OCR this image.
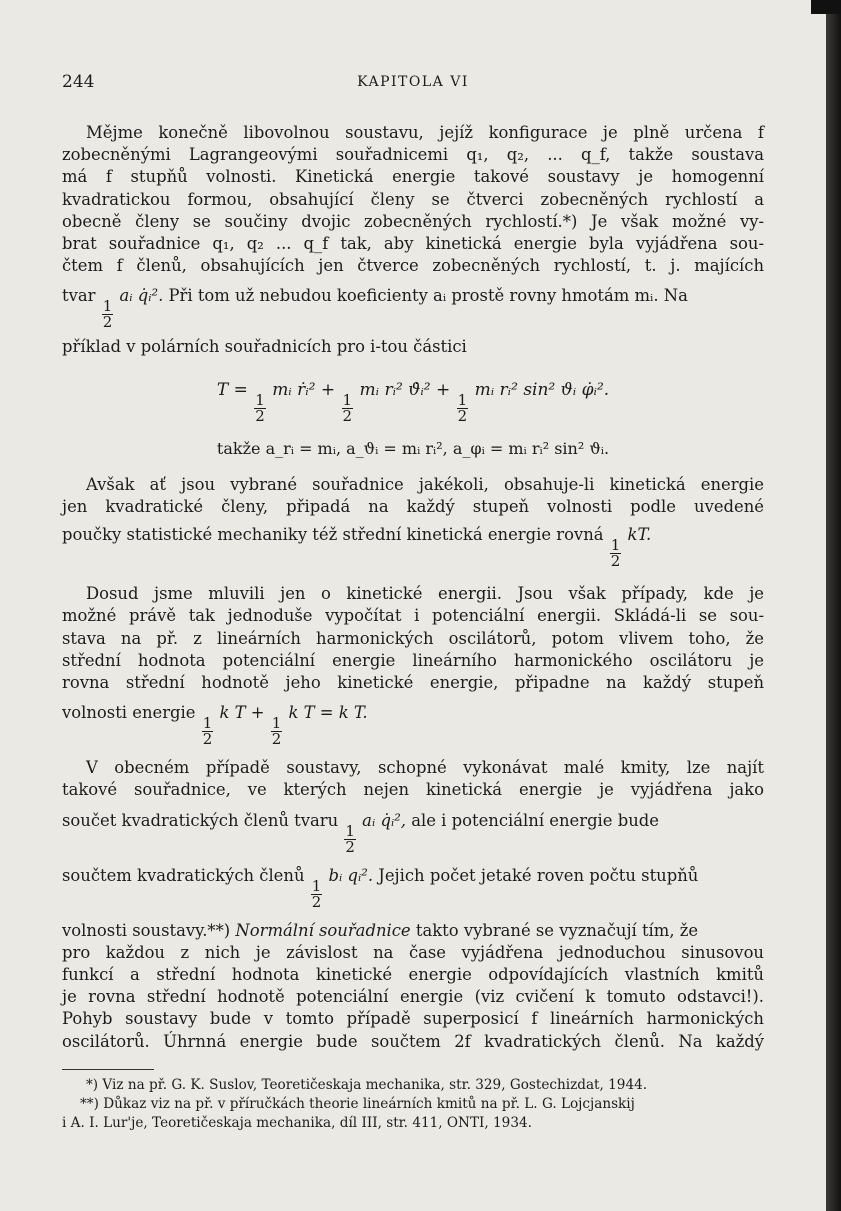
244	KAPITOLA VI
Mějme konečně libovolnou soustavu, jejíž konfigurace je plně určena f
zobecněnými Lagrangeovými souřadnicemi q₁, q₂, ... q_f, takže soustava
má f stupňů volnosti. Kinetická energie takové soustavy je homogenní
kvadratickou formou, obsahující členy se čtverci zobecněných rychlostí a
obecně členy se součiny dvojic zobecněných rychlostí.*) Je však možné vy-
brat souřadnice q₁, q₂ ... q_f tak, aby kinetická energie byla vyjádřena sou-
čtem f členů, obsahujících jen čtverce zobecněných rychlostí, t. j. majících
tvar
$\frac{1}{2}$
aᵢ q̇ᵢ². Při tom už nebudou koeficienty aᵢ prostě rovny hmotám mᵢ. Na
příklad v polárních souřadnicích pro i-tou částici
T =
$\frac{1}{2}$
mᵢ ṙᵢ² +
$\frac{1}{2}$
mᵢ rᵢ² ϑ̇ᵢ² +
$\frac{1}{2}$
mᵢ rᵢ² sin² ϑᵢ φ̇ᵢ².
takže a_rᵢ = mᵢ, a_ϑᵢ = mᵢ rᵢ², a_φᵢ = mᵢ rᵢ² sin² ϑᵢ.
Avšak ať jsou vybrané souřadnice jakékoli, obsahuje-li kinetická energie
jen kvadratické členy, připadá na každý stupeň volnosti podle uvedené
poučky statistické mechaniky též střední kinetická energie rovná
$\frac{1}{2}$
kT.
Dosud jsme mluvili jen o kinetické energii. Jsou však případy, kde je
možné právě tak jednoduše vypočítat i potenciální energii. Skládá-li se sou-
stava na př. z lineárních harmonických oscilátorů, potom vlivem toho, že
střední hodnota potenciální energie lineárního harmonického oscilátoru je
rovna střední hodnotě jeho kinetické energie, připadne na každý stupeň
volnosti energie
$\frac{1}{2}$
k T +
$\frac{1}{2}$
k T = k T.
V obecném případě soustavy, schopné vykonávat malé kmity, lze najít
takové souřadnice, ve kterých nejen kinetická energie je vyjádřena jako
součet kvadratických členů tvaru
$\frac{1}{2}$
aᵢ q̇ᵢ², ale i potenciální energie bude
součtem kvadratických členů
$\frac{1}{2}$
bᵢ qᵢ². Jejich počet jetaké roven počtu stupňů
volnosti soustavy.**) Normální souřadnice takto vybrané se vyznačují tím, že
pro každou z nich je závislost na čase vyjádřena jednoduchou sinusovou
funkcí a střední hodnota kinetické energie odpovídajících vlastních kmitů
je rovna střední hodnotě potenciální energie (viz cvičení k tomuto odstavci!).
Pohyb soustavy bude v tomto případě superposicí f lineárních harmonických
oscilátorů. Úhrnná energie bude součtem 2f kvadratických členů. Na každý
*) Viz na př. G. K. Suslov, Teoretičeskaja mechanika, str. 329, Gostechizdat, 1944.
**) Důkaz viz na př. v příručkách theorie lineárních kmitů na př. L. G. Lojcjanskij
i A. I. Lur'je, Teoretičeskaja mechanika, díl III, str. 411, ONTI, 1934.
